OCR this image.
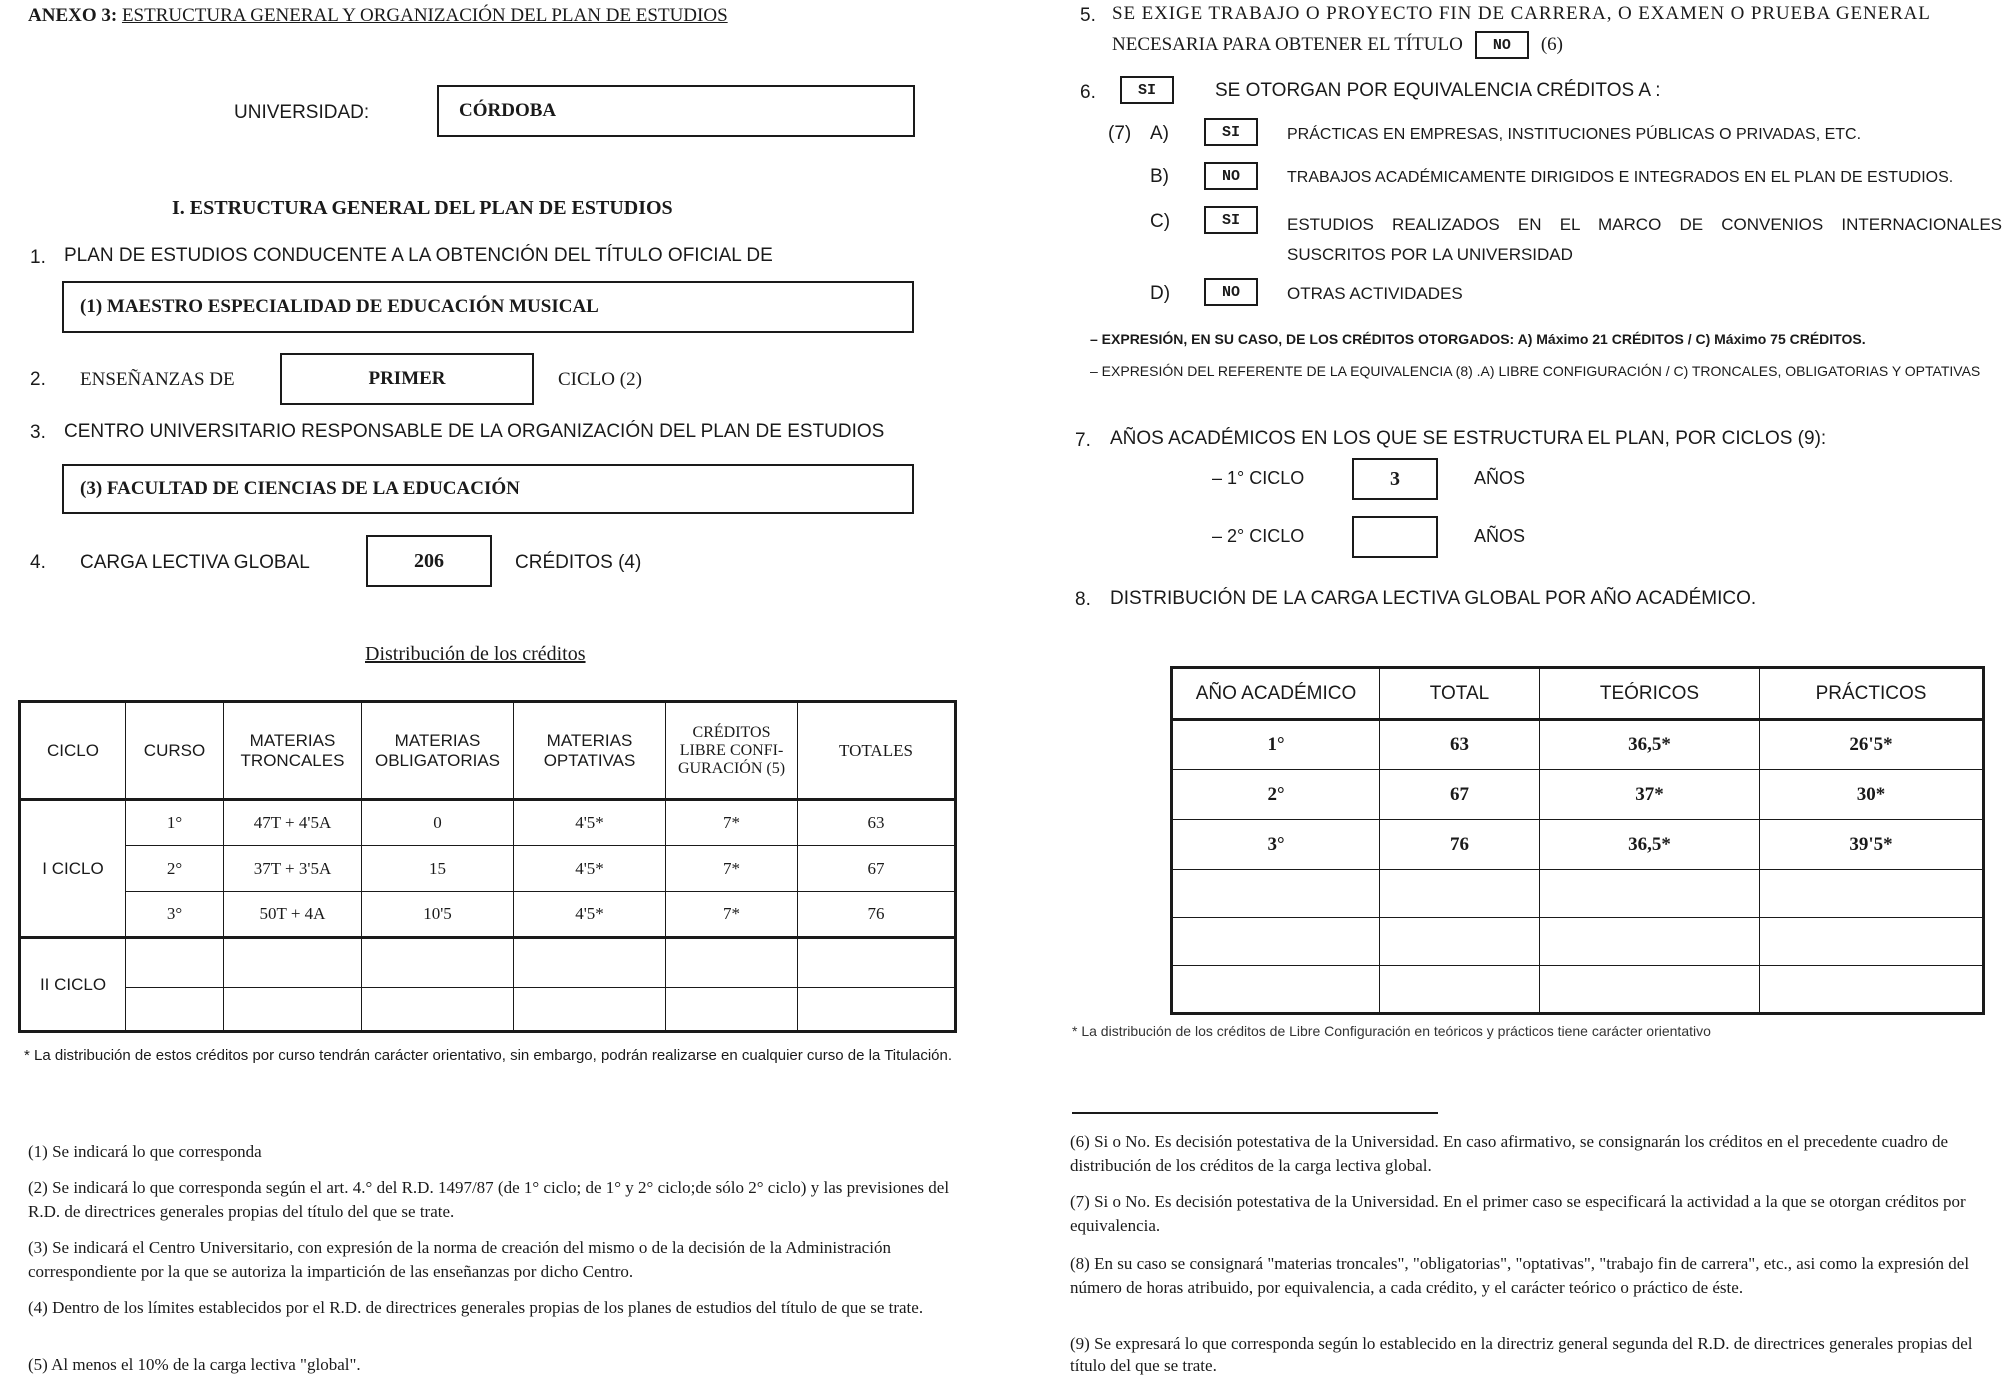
ANEXO 3: ESTRUCTURA GENERAL Y ORGANIZACIÓN DEL PLAN DE ESTUDIOS
UNIVERSIDAD:	CÓRDOBA
I. ESTRUCTURA GENERAL DEL PLAN DE ESTUDIOS
1. PLAN DE ESTUDIOS CONDUCENTE A LA OBTENCIÓN DEL TÍTULO OFICIAL DE
(1) MAESTRO ESPECIALIDAD DE EDUCACIÓN MUSICAL
2. ENSEÑANZAS DE	PRIMER	CICLO (2)
3. CENTRO UNIVERSITARIO RESPONSABLE DE LA ORGANIZACIÓN DEL PLAN DE ESTUDIOS
(3) FACULTAD DE CIENCIAS DE LA EDUCACIÓN
4. CARGA LECTIVA GLOBAL	206	CRÉDITOS (4)
Distribución de los créditos
CICLO	CURSO	MATERIAS TRONCALES	MATERIAS OBLIGATORIAS	MATERIAS OPTATIVAS	CRÉDITOS LIBRE CONFI-GURACIÓN (5)	TOTALES
I CICLO	1°	47T + 4'5A	0	4'5*	7*	63
	2°	37T + 3'5A	15	4'5*	7*	67
	3°	50T + 4A	10'5	4'5*	7*	76
II CICLO						

* La distribución de estos créditos por curso tendrán carácter orientativo, sin embargo, podrán realizarse en cualquier curso de la Titulación.
(1) Se indicará lo que corresponda
(2) Se indicará lo que corresponda según el art. 4.° del R.D. 1497/87 (de 1° ciclo; de 1° y 2° ciclo;de sólo 2° ciclo) y las previsiones del R.D. de directrices generales propias del título del que se trate.
(3) Se indicará el Centro Universitario, con expresión de la norma de creación del mismo o de la decisión de la Administración correspondiente por la que se autoriza la impartición de las enseñanzas por dicho Centro.
(4) Dentro de los límites establecidos por el R.D. de directrices generales propias de los planes de estudios del título de que se trate.
(5) Al menos el 10% de la carga lectiva "global".
5. SE EXIGE TRABAJO O PROYECTO FIN DE CARRERA, O EXAMEN O PRUEBA GENERAL
NECESARIA PARA OBTENER EL TÍTULO	NO	(6)
6.	SI	SE OTORGAN POR EQUIVALENCIA CRÉDITOS A :
(7) A)	SI	PRÁCTICAS EN EMPRESAS, INSTITUCIONES PÚBLICAS O PRIVADAS, ETC.
B)	NO	TRABAJOS ACADÉMICAMENTE DIRIGIDOS E INTEGRADOS EN EL PLAN DE ESTUDIOS.
C)	SI	ESTUDIOS REALIZADOS EN EL MARCO DE CONVENIOS INTERNACIONALES SUSCRITOS POR LA UNIVERSIDAD
D)	NO	OTRAS ACTIVIDADES
– EXPRESIÓN, EN SU CASO, DE LOS CRÉDITOS OTORGADOS: A) Máximo 21 CRÉDITOS / C) Máximo 75 CRÉDITOS.
– EXPRESIÓN DEL REFERENTE DE LA EQUIVALENCIA (8) .A) LIBRE CONFIGURACIÓN / C) TRONCALES, OBLIGATORIAS Y OPTATIVAS
7. AÑOS ACADÉMICOS EN LOS QUE SE ESTRUCTURA EL PLAN, POR CICLOS (9):
– 1° CICLO	3	AÑOS
– 2° CICLO	AÑOS
8. DISTRIBUCIÓN DE LA CARGA LECTIVA GLOBAL POR AÑO ACADÉMICO.
AÑO ACADÉMICO	TOTAL	TEÓRICOS	PRÁCTICOS
1°	63	36,5*	26'5*
2°	67	37*	30*
3°	76	36,5*	39'5*

* La distribución de los créditos de Libre Configuración en teóricos y prácticos tiene carácter orientativo
(6) Si o No. Es decisión potestativa de la Universidad. En caso afirmativo, se consignarán los créditos en el precedente cuadro de distribución de los créditos de la carga lectiva global.
(7) Si o No. Es decisión potestativa de la Universidad. En el primer caso se especificará la actividad a la que se otorgan créditos por equivalencia.
(8) En su caso se consignará "materias troncales", "obligatorias", "optativas", "trabajo fin de carrera", etc., asi como la expresión del número de horas atribuido, por equivalencia, a cada crédito, y el carácter teórico o práctico de éste.
(9) Se expresará lo que corresponda según lo establecido en la directriz general segunda del R.D. de directrices generales propias del título del que se trate.
